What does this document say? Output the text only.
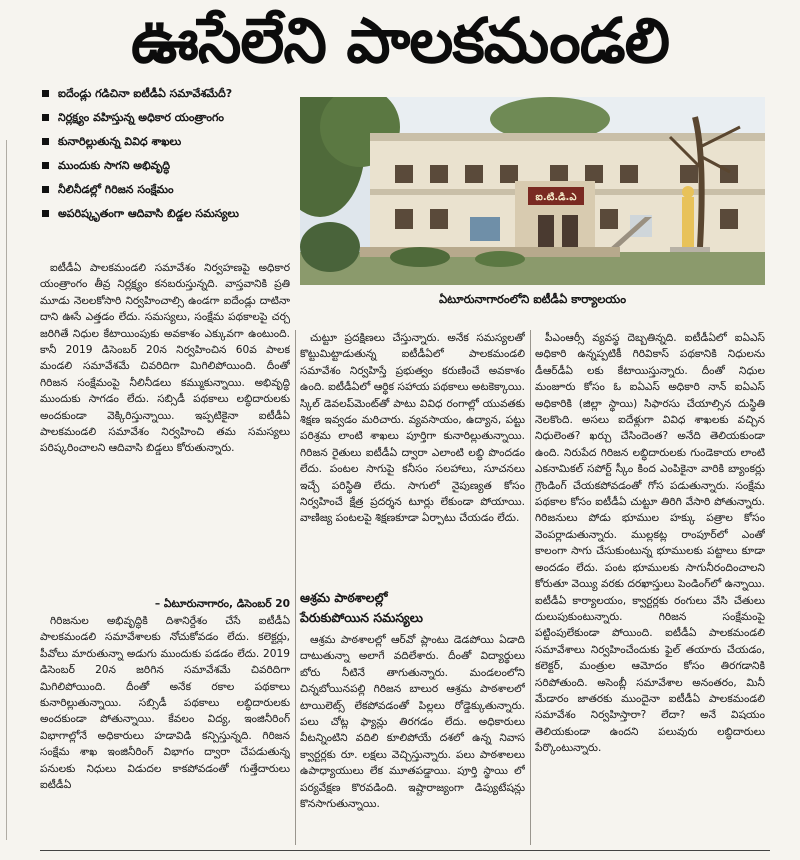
ఊసేలేని పాలకమండలి
ఐదేండ్లు గడిచినా ఐటీడీఏ సమావేశమేదీ?
నిర్లక్ష్యం వహిస్తున్న అధికార యంత్రాంగం
కునారిల్లుతున్న వివిధ శాఖలు
ముందుకు సాగని అభివృద్ధి
నీలినీడల్లో గిరిజన సంక్షేమం
అపరిష్కృతంగా ఆదివాసి బిడ్డల సమస్యలు
ఐ.టి.డి.ఎ
ఏటూరునాగారంలోని ఐటీడీఏ కార్యాలయం

ఐటీడీఏ పాలకమండలి సమావేశం నిర్వహణపై అధికార యంత్రాంగం తీవ్ర నిర్లక్ష్యం కనబరుస్తున్నది. వాస్తవానికి ప్రతి మూడు నెలలకోసారి నిర్వహించాల్సి ఉండగా ఐదేండ్లు దాటినా దాని ఊసే ఎత్తడం లేదు. సమస్యలు, సంక్షేమ పథకాలపై చర్చ జరిగితే నిధుల కేటాయింపుకు అవకాశం ఎక్కువగా ఉంటుంది. కానీ 2019 డిసెంబర్ 20న నిర్వహించిన 60వ పాలక మండలి సమావేశమే చివరిదిగా మిగిలిపోయింది. దీంతో గిరిజన సంక్షేమంపై నీలినీడలు కమ్ముకున్నాయి. అభివృద్ధి ముందుకు సాగడం లేదు. సబ్సిడీ పథకాలు లబ్ధిదారులకు అందకుండా వెక్కిరిస్తున్నాయి. ఇప్పటికైనా ఐటీడీఏ పాలకమండలి సమావేశం నిర్వహించి తమ సమస్యలు పరిష్కరించాలని ఆదివాసి బిడ్డలు కోరుతున్నారు.

– ఏటూరునాగారం, డిసెంబర్ 20

గిరిజనుల అభివృద్ధికి దిశానిర్దేశం చేసే ఐటీడీఏ పాలకమండలి సమావేశాలకు నోచుకోవడం లేదు. కలెక్టర్లు, పీవోలు మారుతున్నా అడుగు ముందుకు పడడం లేదు. 2019 డిసెంబర్ 20న జరిగిన సమావేశమే చివరిదిగా మిగిలిపోయింది. దీంతో అనేక రకాల పథకాలు కునారిల్లుతున్నాయి. సబ్సిడీ పథకాలు లబ్ధిదారులకు అందకుండా పోతున్నాయి. కేవలం విద్య, ఇంజినీరింగ్ విభాగాల్లోనే అధికారులు హడావిడి కన్పిస్తున్నది. గిరిజన సంక్షేమ శాఖ ఇంజినీరింగ్ విభాగం ద్వారా చేపడుతున్న పనులకు నిధులు విడుదల కాకపోవడంతో గుత్తేదారులు ఐటీడీఏ

చుట్టూ ప్రదక్షిణలు చేస్తున్నారు. అనేక సమస్యలతో కొట్టుమిట్టాడుతున్న ఐటీడీఏలో పాలకమండలి సమావేశం నిర్వహిస్తే ప్రభుత్వం కరుణించే అవకాశం ఉంది. ఐటీడీఏలో ఆర్థిక సహాయ పథకాలు అటకెక్కాయి. స్కిల్ డెవలప్‌మెంట్‌తో పాటు వివిధ రంగాల్లో యువతకు శిక్షణ ఇవ్వడం మరిచారు. వ్యవసాయం, ఉద్యాన, పట్టు పరిశ్రమ లాంటి శాఖలు పూర్తిగా కునారిల్లుతున్నాయి. గిరిజన రైతులు ఐటీడీఏ ద్వారా ఎలాంటి లబ్ధి పొందడం లేదు. పంటల సాగుపై కనీసం సలహాలు, సూచనలు ఇచ్చే పరిస్థితి లేదు. సాగులో నైపుణ్యత కోసం నిర్వహించే క్షేత్ర ప్రదర్శన టూర్లు లేకుండా పోయాయి. వాణిజ్య పంటలపై శిక్షణకూడా ఏర్పాటు చేయడం లేదు.

ఆశ్రమ పాఠశాలల్లో
పేరుకుపోయిన సమస్యలు

ఆశ్రమ పాఠశాలల్లో ఆర్‌వో ప్లాంటు డెడపోయి ఏడాది దాటుతున్నా అలాగే వదిలేశారు. దీంతో విద్యార్థులు బోరు నీటినే తాగుతున్నారు. మండలంలోని చిన్నబోయినపల్లి గిరిజన బాలుర ఆశ్రమ పాఠశాలలో టాయిలెట్స్ లేకపోవడంతో పిల్లలు రోడ్డెక్కుతున్నారు. పలు చోట్ల ఫ్యాన్లు తిరగడం లేదు. అధికారులు వీటన్నింటిని వదిలి కూలిపోయే దశలో ఉన్న నివాస క్వార్టర్లకు రూ. లక్షలు వెచ్చిస్తున్నారు. పలు పాఠశాలలు ఉపాధ్యాయులు లేక మూతపడ్డాయి. పూర్తి స్థాయి లో పర్యవేక్షణ కొరవడింది. ఇష్టారాజ్యంగా డిప్యుటేషన్లు కొనసాగుతున్నాయి.

పీఎంఆర్సీ వ్యవస్థ దెబ్బతిన్నది. ఐటీడీఏలో ఐఏఎస్ అధికారి ఉన్నప్పటికీ గిరివికాస్ పథకానికి నిధులను డీఆర్‌డీఏ లకు కేటాయిస్తున్నారు. దీంతో నిధుల మంజూరు కోసం ఓ ఐఏఎస్ అధికారి నాన్ ఐఏఎస్ అధికారికి (జిల్లా స్థాయి) సిఫారసు చేయాల్సిన దుస్థితి నెలకొంది. అసలు ఐదేళ్లుగా వివిధ శాఖలకు వచ్చిన నిధులెంత? ఖర్చు చేసిందెంత? అనేది తెలియకుండా ఉంది. నిరుపేద గిరిజన లబ్ధిదారులకు గుండెకాయ లాంటి ఎకనామికల్ సపోర్ట్ స్కీం కింద ఎంపికైనా వారికి బ్యాంకర్లు గ్రౌండింగ్ చేయకపోవడంతో గోస పడుతున్నారు. సంక్షేమ పథకాల కోసం ఐటీడీఏ చుట్టూ తిరిగి వేసారి పోతున్నారు. గిరిజనులు పోడు భూముల హక్కు పత్రాల కోసం వెంపర్లాడుతున్నారు. ముల్లకట్ల రాంపూర్‌లో ఎంతో కాలంగా సాగు చేసుకుంటున్న భూములకు పట్టాలు కూడా అందడం లేదు. పంట భూములకు సాగునీరందించాలని కోరుతూ వెయ్యి వరకు దరఖాస్తులు పెండింగ్‌లో ఉన్నాయి. ఐటీడీఏ కార్యాలయం, క్వార్టర్లకు రంగులు వేసి చేతులు దులుపుకుంటున్నారు. గిరిజన సంక్షేమంపై పట్టింపులేకుండా పోయింది. ఐటీడీఏ పాలకమండలి సమావేశాలు నిర్వహించేందుకు ఫైల్ తయారు చేయడం, కలెక్టర్, మంత్రుల ఆమోదం కోసం తిరగడానికి సరిపోతుంది. అసెంబ్లీ సమావేశాల అనంతరం, మినీ మేడారం జాతరకు ముందైనా ఐటీడీఏ పాలకమండలి సమావేశం నిర్వహిస్తారా? లేదా? అనే విషయం తెలియకుండా ఉందని పలువురు లబ్ధిదారులు పేర్కొంటున్నారు.
